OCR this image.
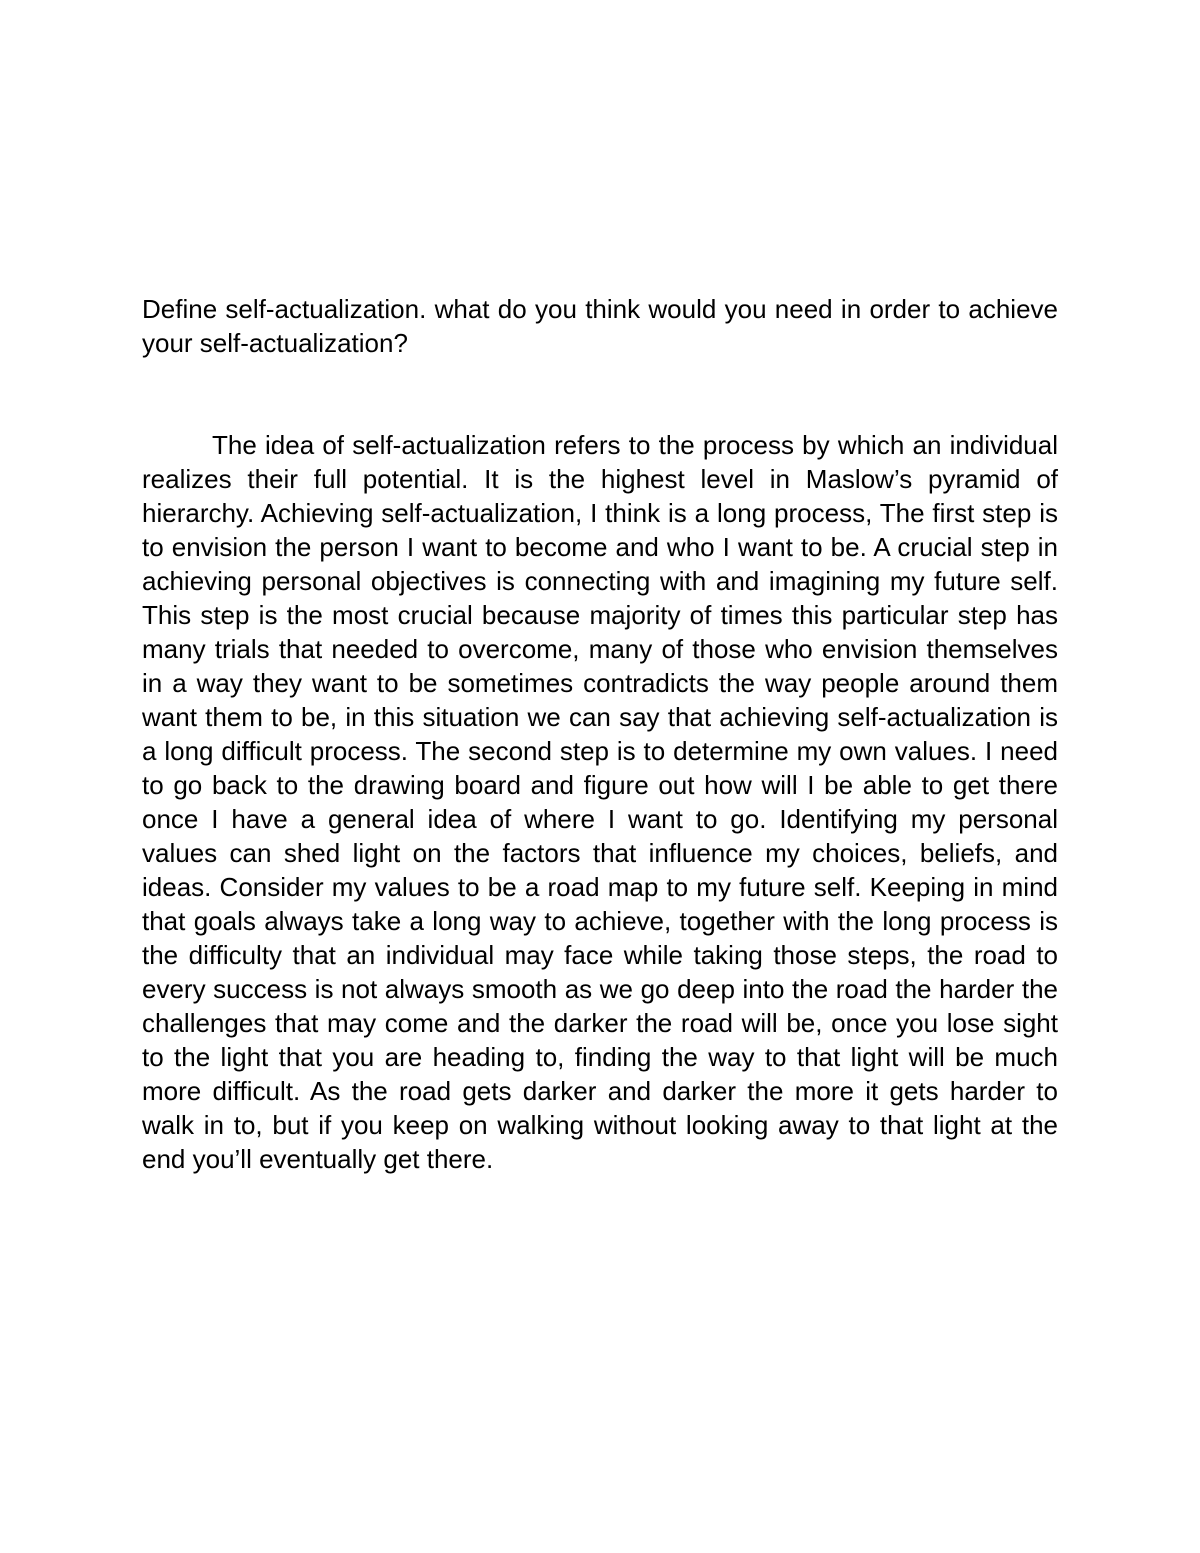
Define self-actualization. what do you think would you need in order to achieve your self-actualization?

The idea of self-actualization refers to the process by which an individual realizes their full potential. It is the highest level in Maslow’s pyramid of hierarchy. Achieving self-actualization, I think is a long process, The first step is to envision the person I want to become and who I want to be. A crucial step in achieving personal objectives is connecting with and imagining my future self. This step is the most crucial because majority of times this particular step has many trials that needed to overcome, many of those who envision themselves in a way they want to be sometimes contradicts the way people around them want them to be, in this situation we can say that achieving self-actualization is a long difficult process. The second step is to determine my own values. I need to go back to the drawing board and figure out how will I be able to get there once I have a general idea of where I want to go. Identifying my personal values can shed light on the factors that influence my choices, beliefs, and ideas. Consider my values to be a road map to my future self. Keeping in mind that goals always take a long way to achieve, together with the long process is the difficulty that an individual may face while taking those steps, the road to every success is not always smooth as we go deep into the road the harder the challenges that may come and the darker the road will be, once you lose sight to the light that you are heading to, finding the way to that light will be much more difficult. As the road gets darker and darker the more it gets harder to walk in to, but if you keep on walking without looking away to that light at the end you’ll eventually get there.
